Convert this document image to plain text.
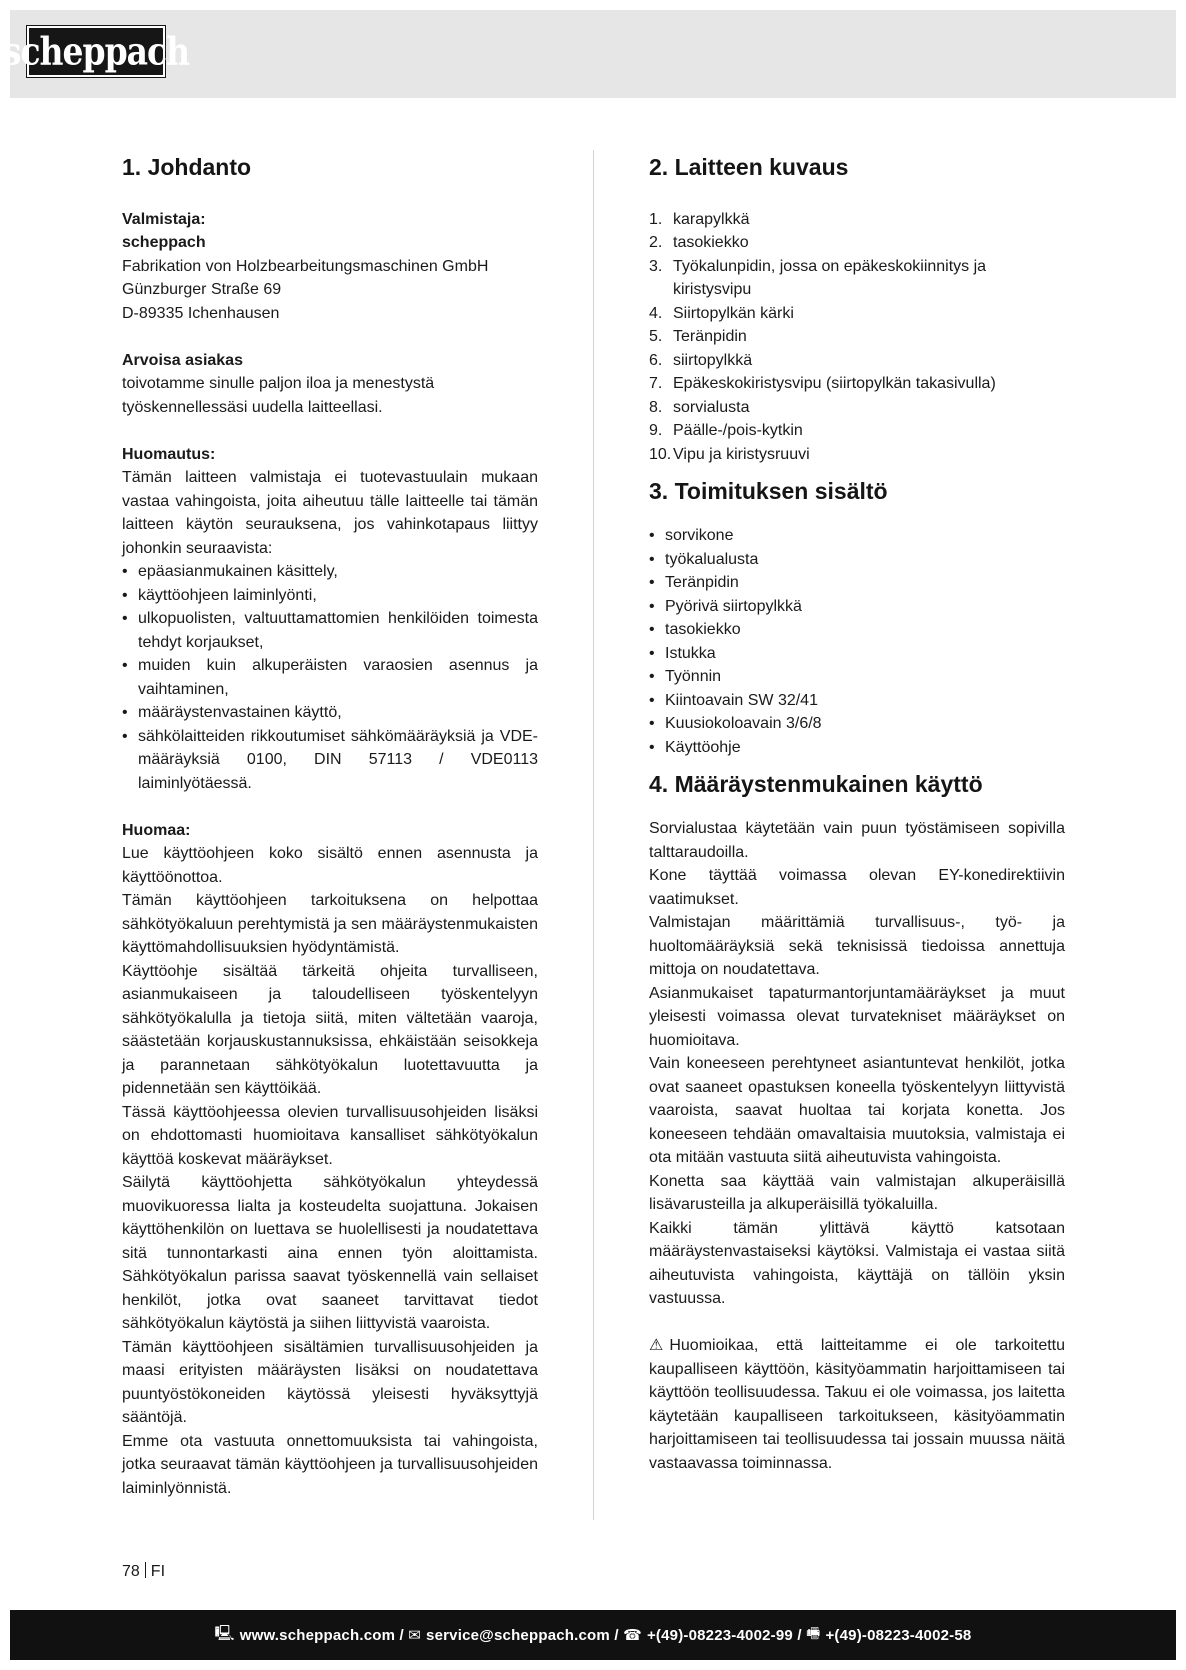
scheppach
1. Johdanto
Valmistaja:
scheppach
Fabrikation von Holzbearbeitungsmaschinen GmbH
Günzburger Straße 69
D-89335 Ichenhausen
Arvoisa asiakas

toivotamme sinulle paljon iloa ja menestystä työskennellessäsi uudella laitteellasi.

Huomautus:

Tämän laitteen valmistaja ei tuotevastuulain mukaan vastaa vahingoista, joita aiheutuu tälle laitteelle tai tämän laitteen käytön seurauksena, jos vahinkotapaus liittyy johonkin seuraavista:

• epäasianmukainen käsittely,
• käyttöohjeen laiminlyönti,
• ulkopuolisten, valtuuttamattomien henkilöiden toimesta tehdyt korjaukset,
• muiden kuin alkuperäisten varaosien asennus ja vaihtaminen,
• määräystenvastainen käyttö,
• sähkölaitteiden rikkoutumiset sähkömääräyksiä ja VDE-määräyksiä 0100, DIN 57113 / VDE0113 laiminlyötäessä.
Huomaa:

Lue käyttöohjeen koko sisältö ennen asennusta ja käyttöönottoa.

Tämän käyttöohjeen tarkoituksena on helpottaa sähkötyökaluun perehtymistä ja sen määräystenmukaisten käyttömahdollisuuksien hyödyntämistä.

Käyttöohje sisältää tärkeitä ohjeita turvalliseen, asianmukaiseen ja taloudelliseen työskentelyyn sähkötyökalulla ja tietoja siitä, miten vältetään vaaroja, säästetään korjauskustannuksissa, ehkäistään seisokkeja ja parannetaan sähkötyökalun luotettavuutta ja pidennetään sen käyttöikää.

Tässä käyttöohjeessa olevien turvallisuusohjeiden lisäksi on ehdottomasti huomioitava kansalliset sähkötyökalun käyttöä koskevat määräykset.

Säilytä käyttöohjetta sähkötyökalun yhteydessä muovikuoressa lialta ja kosteudelta suojattuna. Jokaisen käyttöhenkilön on luettava se huolellisesti ja noudatettava sitä tunnontarkasti aina ennen työn aloittamista. Sähkötyökalun parissa saavat työskennellä vain sellaiset henkilöt, jotka ovat saaneet tarvittavat tiedot sähkötyökalun käytöstä ja siihen liittyvistä vaaroista.

Tämän käyttöohjeen sisältämien turvallisuusohjeiden ja maasi erityisten määräysten lisäksi on noudatettava puuntyöstökoneiden käytössä yleisesti hyväksyttyjä sääntöjä.

Emme ota vastuuta onnettomuuksista tai vahingoista, jotka seuraavat tämän käyttöohjeen ja turvallisuusohjeiden laiminlyönnistä.

2. Laitteen kuvaus
1. karapylkkä
2. tasokiekko
3. Työkalunpidin, jossa on epäkeskokiinnitys ja kiristysvipu
4. Siirtopylkän kärki
5. Teränpidin
6. siirtopylkkä
7. Epäkeskokiristysvipu (siirtopylkän takasivulla)
8. sorvialusta
9. Päälle-/pois-kytkin
10. Vipu ja kiristysruuvi
3. Toimituksen sisältö
• sorvikone
• työkalualusta
• Teränpidin
• Pyörivä siirtopylkkä
• tasokiekko
• Istukka
• Työnnin
• Kiintoavain SW 32/41
• Kuusiokoloavain 3/6/8
• Käyttöohje
4. Määräystenmukainen käyttö

Sorvialustaa käytetään vain puun työstämiseen sopivilla talttaraudoilla.

Kone täyttää voimassa olevan EY-konedirektiivin vaatimukset.

Valmistajan määrittämiä turvallisuus-, työ- ja huoltomääräyksiä sekä teknisissä tiedoissa annettuja mittoja on noudatettava.

Asianmukaiset tapaturmantorjuntamääräykset ja muut yleisesti voimassa olevat turvatekniset määräykset on huomioitava.

Vain koneeseen perehtyneet asiantuntevat henkilöt, jotka ovat saaneet opastuksen koneella työskentelyyn liittyvistä vaaroista, saavat huoltaa tai korjata konetta. Jos koneeseen tehdään omavaltaisia muutoksia, valmistaja ei ota mitään vastuuta siitä aiheutuvista vahingoista.

Konetta saa käyttää vain valmistajan alkuperäisillä lisävarusteilla ja alkuperäisillä työkaluilla.

Kaikki tämän ylittävä käyttö katsotaan määräystenvastaiseksi käytöksi. Valmistaja ei vastaa siitä aiheutuvista vahingoista, käyttäjä on tällöin yksin vastuussa.

⚠ Huomioikaa, että laitteitamme ei ole tarkoitettu kaupalliseen käyttöön, käsityöammatin harjoittamiseen tai käyttöön teollisuudessa. Takuu ei ole voimassa, jos laitetta käytetään kaupalliseen tarkoitukseen, käsityöammatin harjoittamiseen tai teollisuudessa tai jossain muussa näitä vastaavassa toiminnassa.

78 FI
🖳 www.scheppach.com /
✉ service@scheppach.com /
☎ +(49)-08223-4002-99 /
🖷 +(49)-08223-4002-58
